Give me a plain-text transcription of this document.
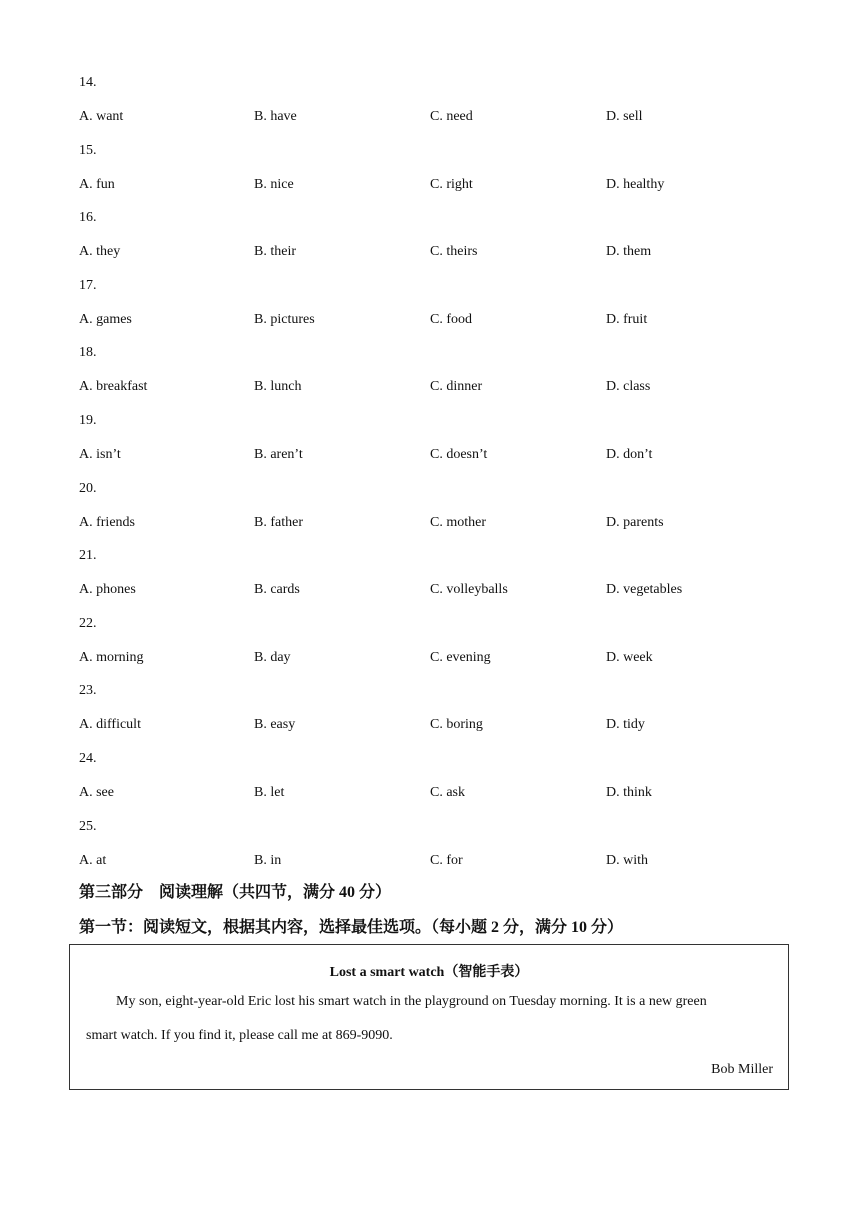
14.
A. want	B. have	C. need	D. sell
15.
A. fun	B. nice	C. right	D. healthy
16.
A. they	B. their	C. theirs	D. them
17.
A. games	B. pictures	C. food	D. fruit
18.
A. breakfast	B. lunch	C. dinner	D. class
19.
A. isn’t	B. aren’t	C. doesn’t	D. don’t
20.
A. friends	B. father	C. mother	D. parents
21.
A. phones	B. cards	C. volleyballs	D. vegetables
22.
A. morning	B. day	C. evening	D. week
23.
A. difficult	B. easy	C. boring	D. tidy
24.
A. see	B. let	C. ask	D. think
25.
A. at	B. in	C. for	D. with
第三部分　阅读理解（共四节，满分 40 分）
第一节：阅读短文，根据其内容，选择最佳选项。（每小题 2 分，满分 10 分）
Lost a smart watch（智能手表）
My son, eight-year-old Eric lost his smart watch in the playground on Tuesday morning. It is a new green
smart watch. If you find it, please call me at 869-9090.
Bob Miller
